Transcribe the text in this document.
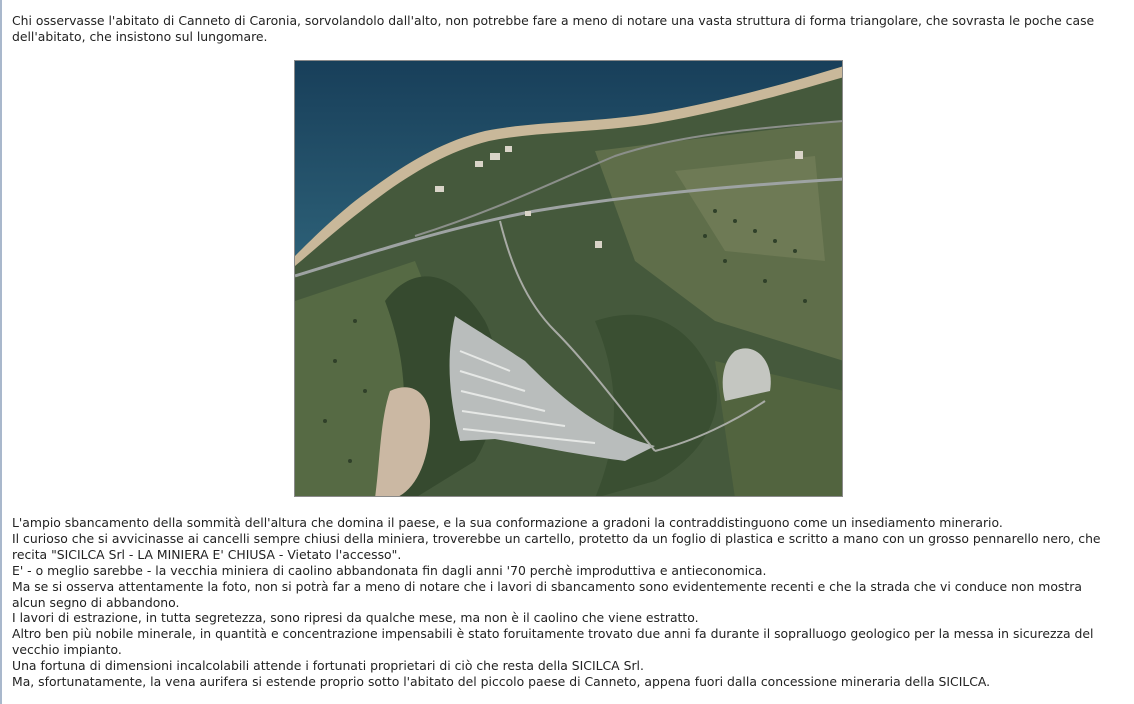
Chi osservasse l'abitato di Canneto di Caronia, sorvolandolo dall'alto, non potrebbe fare a meno di notare una vasta struttura di forma triangolare, che sovrasta le poche case dell'abitato, che insistono sul lungomare.

L'ampio sbancamento della sommità dell'altura che domina il paese, e la sua conformazione a gradoni la contraddistinguono come un insediamento minerario.

Il curioso che si avvicinasse ai cancelli sempre chiusi della miniera, troverebbe un cartello, protetto da un foglio di plastica e scritto a mano con un grosso pennarello nero, che recita "SICILCA Srl - LA MINIERA E' CHIUSA - Vietato l'accesso".

E' - o meglio sarebbe - la vecchia miniera di caolino abbandonata fin dagli anni '70 perchè improduttiva e antieconomica.

Ma se si osserva attentamente la foto, non si potrà far a meno di notare che i lavori di sbancamento sono evidentemente recenti e che la strada che vi conduce non mostra alcun segno di abbandono.

I lavori di estrazione, in tutta segretezza, sono ripresi da qualche mese, ma non è il caolino che viene estratto.

Altro ben più nobile minerale, in quantità e concentrazione impensabili è stato foruitamente trovato due anni fa durante il sopralluogo geologico per la messa in sicurezza del vecchio impianto.

Una fortuna di dimensioni incalcolabili attende i fortunati proprietari di ciò che resta della SICILCA Srl.

Ma, sfortunatamente, la vena aurifera si estende proprio sotto l'abitato del piccolo paese di Canneto, appena fuori dalla concessione mineraria della SICILCA.
